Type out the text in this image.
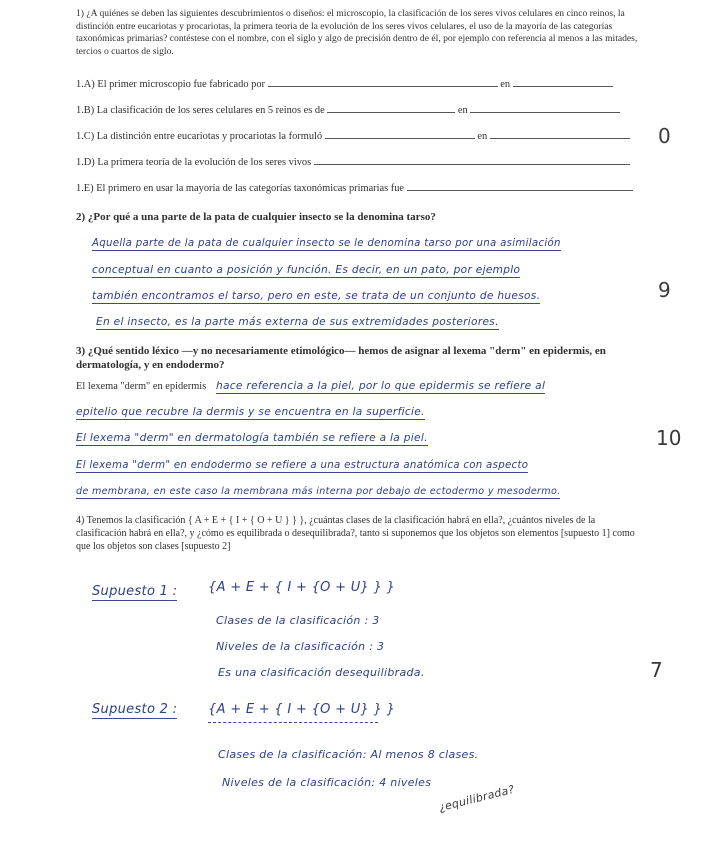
1) ¿A quiénes se deben las siguientes descubrimientos o diseños: el microscopio, la clasificación de los seres vivos celulares en cinco reinos, la distinción entre eucariotas y procariotas, la primera teoría de la evolución de los seres vivos celulares, el uso de la mayoría de las categorías taxonómicas primarias? contéstese con el nombre, con el siglo y algo de precisión dentro de él, por ejemplo con referencia al menos a las mitades, tercios o cuartos de siglo.
1.A) El primer microscopio fue fabricado por	en
1.B) La clasificación de los seres celulares en 5 reinos es de	en
1.C) La distinción entre eucariotas y procariotas la formuló	en
1.D) La primera teoría de la evolución de los seres vivos
1.E) El primero en usar la mayoría de las categorías taxonómicas primarias fue
0
2) ¿Por qué a una parte de la pata de cualquier insecto se la denomina tarso?
Aquella parte de la pata de cualquier insecto se le denomina tarso por una asimilación
conceptual en cuanto a posición y función. Es decir, en un pato, por ejemplo
también encontramos el tarso, pero en este, se trata de un conjunto de huesos.
En el insecto, es la parte más externa de sus extremidades posteriores.
9
3) ¿Qué sentido léxico —y no necesariamente etimológico— hemos de asignar al lexema "derm" en epidermis, en dermatología, y en endodermo?
El lexema "derm" en epidermis hace referencia a la piel, por lo que epidermis se refiere al
epitelio que recubre la dermis y se encuentra en la superficie.
El lexema "derm" en dermatología también se refiere a la piel.
El lexema "derm" en endodermo se refiere a una estructura anatómica con aspecto
de membrana, en este caso la membrana más interna por debajo de ectodermo y mesodermo.
10
4) Tenemos la clasificación { A + E + { I + { O + U } } }, ¿cuántas clases de la clasificación habrá en ella?, ¿cuántos niveles de la clasificación habrá en ella?, y ¿cómo es equilibrada o desequilibrada?, tanto si suponemos que los objetos son elementos [supuesto 1] como que los objetos son clases [supuesto 2]
Supuesto 1 : {A + E + { I + {O + U} } }
Clases de la clasificación : 3
Niveles de la clasificación : 3
Es una clasificación desequilibrada.	7
Supuesto 2 : {A + E + { I + {O + U} } }
Clases de la clasificación: Al menos 8 clases.
Niveles de la clasificación: 4 niveles
¿equilibrada?
